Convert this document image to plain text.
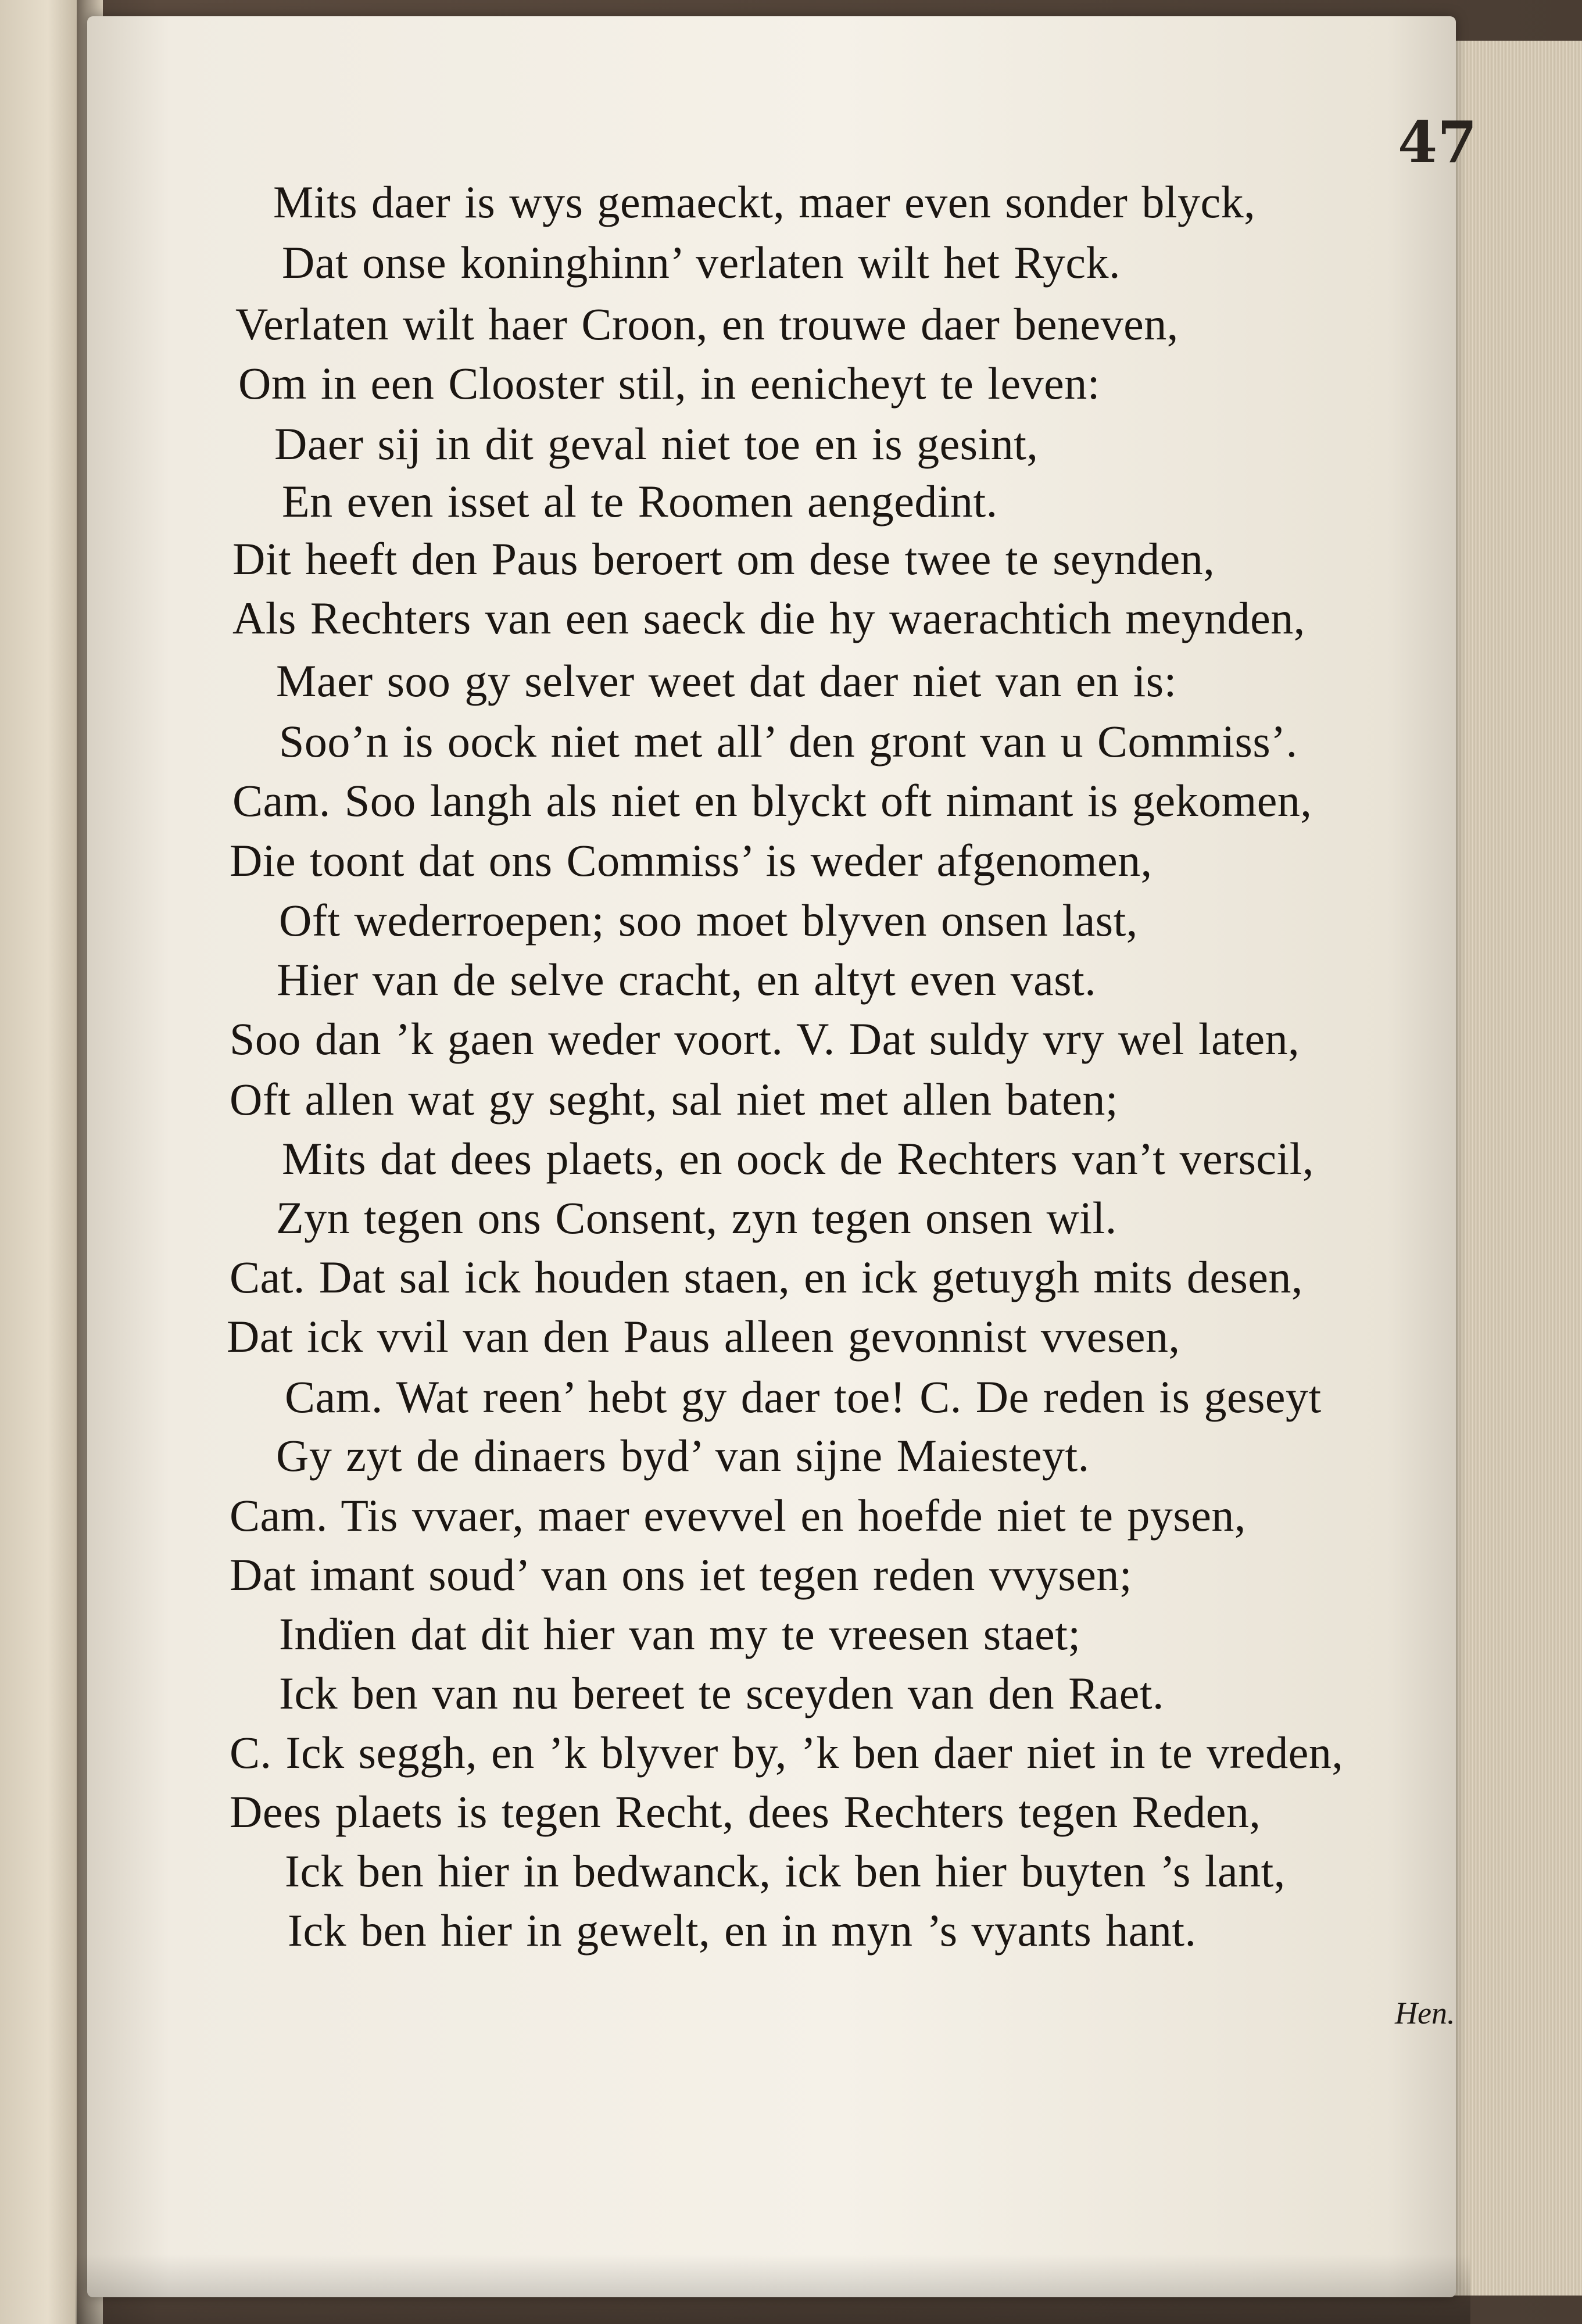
47

Mits daer is wys gemaeckt, maer even sonder blyck,
Dat onse koninghinn’ verlaten wilt het Ryck.
Verlaten wilt haer Croon, en trouwe daer beneven,
Om in een Clooster stil, in eenicheyt te leven:
Daer sij in dit geval niet toe en is gesint,
En even isset al te Roomen aengedint.
Dit heeft den Paus beroert om dese twee te seynden,
Als Rechters van een saeck die hy waerachtich meynden,
Maer soo gy selver weet dat daer niet van en is:
Soo’n is oock niet met all’ den gront van u Commiss’.
Cam. Soo langh als niet en blyckt oft nimant is gekomen,
Die toont dat ons Commiss’ is weder afgenomen,
Oft wederroepen; soo moet blyven onsen last,
Hier van de selve cracht, en altyt even vast.
Soo dan ’k gaen weder voort. V. Dat suldy vry wel laten,
Oft allen wat gy seght, sal niet met allen baten;
Mits dat dees plaets, en oock de Rechters van’t verscil,
Zyn tegen ons Consent, zyn tegen onsen wil.
Cat. Dat sal ick houden staen, en ick getuygh mits desen,
Dat ick vvil van den Paus alleen gevonnist vvesen,
Cam. Wat reen’ hebt gy daer toe! C. De reden is geseyt
Gy zyt de dinaers byd’ van sijne Maiesteyt.
Cam. Tis vvaer, maer evevvel en hoefde niet te pysen,
Dat imant soud’ van ons iet tegen reden vvysen;
Indïen dat dit hier van my te vreesen staet;
Ick ben van nu bereet te sceyden van den Raet.
C. Ick seggh, en ’k blyver by, ’k ben daer niet in te vreden,
Dees plaets is tegen Recht, dees Rechters tegen Reden,
Ick ben hier in bedwanck, ick ben hier buyten ’s lant,
Ick ben hier in gewelt, en in myn ’s vyants hant.

Hen.
